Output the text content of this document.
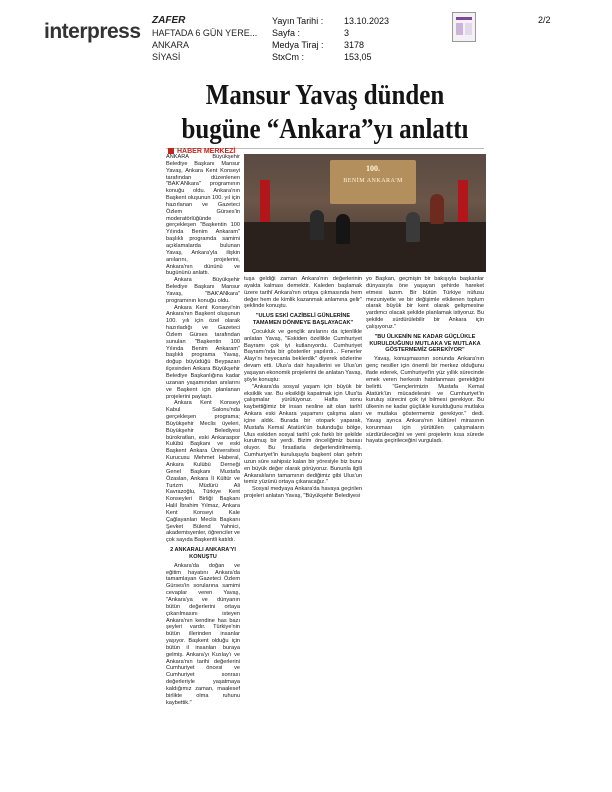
interpress ZAFER
HAFTADA 6 GÜN YERE...
ANKARA
SİYASİ
Yayın Tarihi :	13.10.2023
Sayfa :	3
Medya Tiraj :	3178
StxCm :	153,05
2/2
Mansur Yavaş dünden
bugüne “Ankara”yı anlattı
HABER MERKEZİ
100.
BENİM ANKARA'M

ANKARA Büyükşehir Belediye Başkanı Mansur Yavaş, Ankara Kent Konseyi tarafından düzenlenen "BAK'ANkara" programının konuğu oldu. Ankara'nın Başkent oluşunun 100. yıl için hazırlanan ve Gazeteci Özlem Gürses'in moderatörlüğünde gerçekleşen "Başkentin 100 Yılında Benim Ankaram" başlıklı programda samimi açıklamalarda bulunan Yavaş, Ankara'yla ilişkin anılarını, projelerini, Ankara'nın dününü ve bugününü anlattı.

Ankara Büyükşehir Belediye Başkanı Mansur Yavaş, "BAK'ANkara" programının konuğu oldu.

Ankara Kent Konseyi'nin Ankara'nın Başkent oluşunun 100. yılı için özel olarak hazırladığı ve Gazeteci Özlem Gürses tarafından sunulan "Başkentin 100 Yılında Benim Ankaram" başlıklı programa Yavaş, doğup büyüdüğü Beypazarı ilçesinden Ankara Büyükşehir Belediye Başkanlığına kadar uzanan yaşamından anılarını ve Başkent için planlanan projelerini paylaştı.

Ankara Kent Konseyi Kabul Salonu'nda gerçekleşen programa; Büyükşehir Meclis üyeleri, Büyükşehir Belediyesi bürokratları, eski Ankaraspor Kulübü Başkanı ve eski Başkent Ankara Üniversitesi Kurucusu Mehmet Haberal, Ankara Kulübü Derneği Genel Başkanı Mustafa Özaslan, Ankara İl Kültür ve Turizm Müdürü Ali Kavrazoğlu, Türkiye Kent Konseyleri Birliği Başkanı Halil İbrahim Yılmaz, Ankara Kent Konseyi Kale Çağlayanları Meclis Başkanı Şevket Bülend Yahnici, akademisyenler, öğrenciler ve çok sayıda Başkentli katıldı.

2 ANKARALI ANKARA'YI KONUŞTU

Ankara'da doğan ve eğitim hayatını Ankara'da tamamlayan Gazeteci Özlem Gürses'in sorularına samimi cevaplar veren Yavaş, "Ankara'ya ve dünyanın bütün değerlerini ortaya çıkarılmasını isteyen Ankara'nın kendine has bazı şeyleri vardır. Türkiye'nin bütün illerinden insanlar yaşıyor. Başkent olduğu için bütün il insanları buraya gelmiş. Ankara'yı Kızılay'ı ve Ankara'nın tarihi değerlerini Cumhuriyet öncesi ve Cumhuriyet sonrası değerleriyle yaşatmaya kaldığımız zaman, maalesef birlikte olma ruhunu kaybettik."

tuşa geldiği zaman Ankara'nın değerlerinin ayakta kalması demektir. Kaleden başlamak üzere tarihî Ankara'nın ortaya çıkmasında hem değer hem de kimlik kazanmak anlamına gelir" şeklinde konuştu.

"ULUS ESKİ CAZİBELİ GÜNLERİNE TAMAMEN DÖNMEYE BAŞLAYACAK"

Çocukluk ve gençlik anılarını da içtenlikle anlatan Yavaş, "Eskiden özellikle Cumhuriyet Bayramı çok iyi kutlanıyordu. Cumhuriyet Bayramı'nda bir gösteriler yapılırdı... Fenerler Alayı'nı heyecanla beklerdik" diyerek sözlerine devam etti. Ulus'a dair hayallerini ve Ulus'un yaşayan ekonomik projelerini de anlatan Yavaş, şöyle konuştu:

"Ankara'da sosyal yaşam için büyük bir eksiklik var. Bu eksikliği kapatmak için Ulus'ta çalışmalar yürütüyoruz. Hafta sonu kaybettiğimiz bir insan nesline ait olan tarihî Ankara eski Ankara yaşamını çalışma alanı içine aldık. Burada bir otopark yaparak, Mustafa Kemal Atatürk'ün bulunduğu bölge, Ulus eskiden sosyal tarihî çok farklı bir şekilde kurulmuş bir yerdi. Bizim önceliğimiz burası oluyor. Bu fırsatlarla değerlendirilmemiş. Cumhuriyet'in kuruluşuyla başkent olan şehrin uzun süre sahipsiz kalan bir yöresiyle biz bunu en büyük değer olarak görüyoruz. Bununla ilgili Ankaralıların tamamının dediğimiz gibi Ulus'un temiz yüzünü ortaya çıkaracağız."

Sosyal medyaya Ankara'da havaya geçirilen projeleri anlatan Yavaş, "Büyükşehir Belediyesi

yo Başkan, geçmişin bir bakışıyla başkanlar dünyasıyla öne yaşayan şehirde hareket etmesi lazım. Bir bütün Türkiye nüfusu mezuniyetle ve bir değişimle etkilenen toplum olarak büyük bir kent olarak gelişmesine yardımcı olacak şekilde planlamak istiyoruz. Bu şekilde sürdürülebilir bir Ankara için çalışıyoruz."

"BU ÜLKENİN NE KADAR GÜÇLÜKLE KURULDUĞUNU MUTLAKA VE MUTLAKA GÖSTERMEMİZ GEREKİYOR"

Yavaş, konuşmasının sonunda Ankara'nın genç nesiller için önemli bir merkez olduğunu ifade ederek, Cumhuriyet'in yüz yıllık sürecinde emek veren herkesin hatırlanması gerektiğini belirtti. "Gençlerimizin Mustafa Kemal Atatürk'ün mücadelesini ve Cumhuriyet'in kuruluş sürecini çok iyi bilmesi gerekiyor. Bu ülkenin ne kadar güçlükle kurulduğunu mutlaka ve mutlaka göstermemiz gerekiyor." dedi. Yavaş ayrıca Ankara'nın kültürel mirasının korunması için yürütülen çalışmaların sürdürüleceğini ve yeni projelerin kısa sürede hayata geçirileceğini vurguladı.
